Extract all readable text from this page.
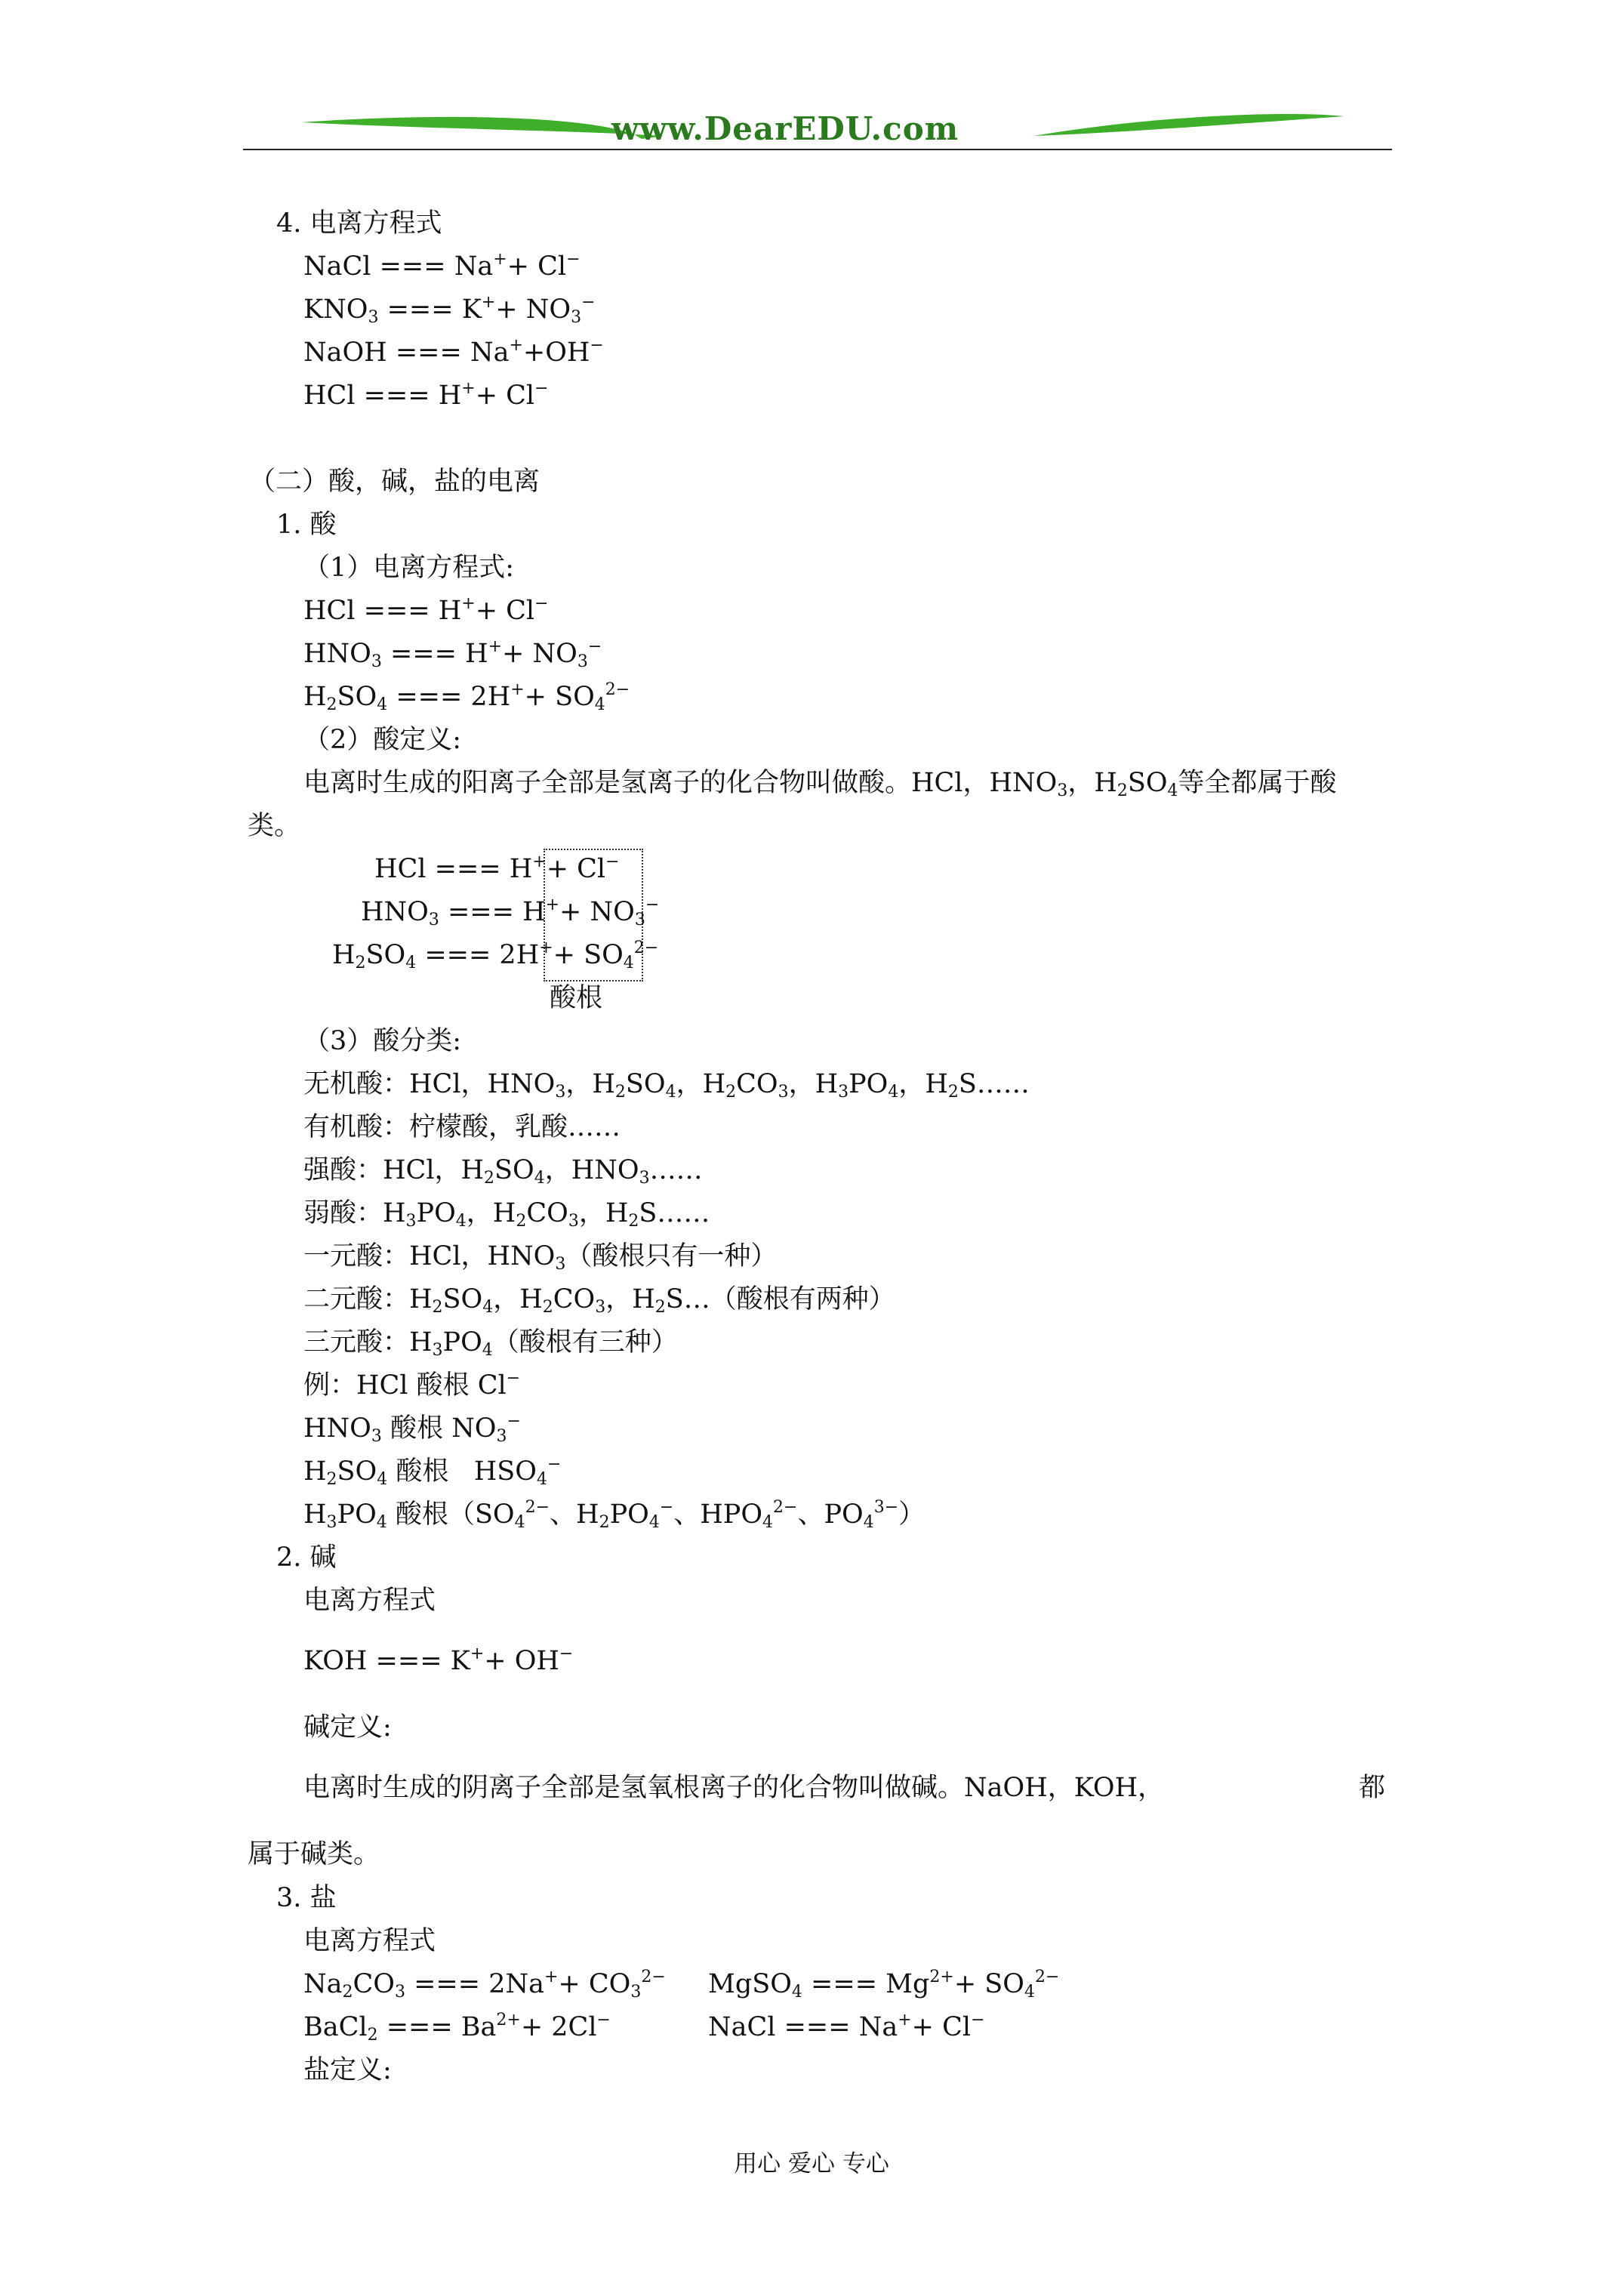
www.DearEDU.com
4. 电离方程式
NaCl === Na++ Cl−
$KNO_3$ === $K^++ NO_3^-$
NaOH === Na++OH−
HCl === H++ Cl−
（二）酸，碱，盐的电离
1. 酸
（1）电离方程式:
HCl === H++ Cl−
$HNO_3$ === $H^++ NO_3^-$
$H_2SO_4$ === $2H^++ SO_4^{2-}$
（2）酸定义:
电离时生成的阳离子全部是氢离子的化合物叫做酸。HCl，$HNO_3$，$H_2SO_4$等全都属于酸
类。
HCl === H++ Cl−
$HNO_3$ === $H^++ NO_3^-$
$H_2SO_4$ === $2H^++ SO_4^{2-}$
酸根
（3）酸分类:
无机酸：HCl，$HNO_3$，$H_2SO_4$，$H_2CO_3$，$H_3PO_4$，$H_2S\dots\dots$
有机酸：柠檬酸，乳酸……
强酸：HCl，$H_2SO_4$，$HNO_3\dots\dots$
弱酸：$H_3PO_4$，$H_2CO_3$，$H_2S\dots\dots$
一元酸：HCl，$HNO_3$（酸根只有一种）
二元酸：$H_2SO_4$，$H_2CO_3$，$H_2S\dots$（酸根有两种）
三元酸：$H_3PO_4$（酸根有三种）
例：HCl 酸根 Cl−
$HNO_3$ 酸根 $NO_3^-$
$H_2SO_4$ 酸根   $HSO_4^-$
$H_3PO_4$ 酸根（$SO_4^{2-}$、$H_2PO_4^-$、$HPO_4^{2-}$、$PO_4^{3-}$）
2. 碱
电离方程式
KOH === K++ OH−
碱定义:
电离时生成的阴离子全部是氢氧根离子的化合物叫做碱。NaOH，KOH，	都
属于碱类。
3. 盐
电离方程式
$Na_2CO_3$ === $2Na^++ CO_3^{2-}$ MgSO$_4$ === $Mg^{2+}+ SO_4^{2-}$
BaCl$_2$ === $Ba^{2+}+ 2Cl^-$	NaCl === Na++ Cl−
盐定义:
用心 爱心 专心
